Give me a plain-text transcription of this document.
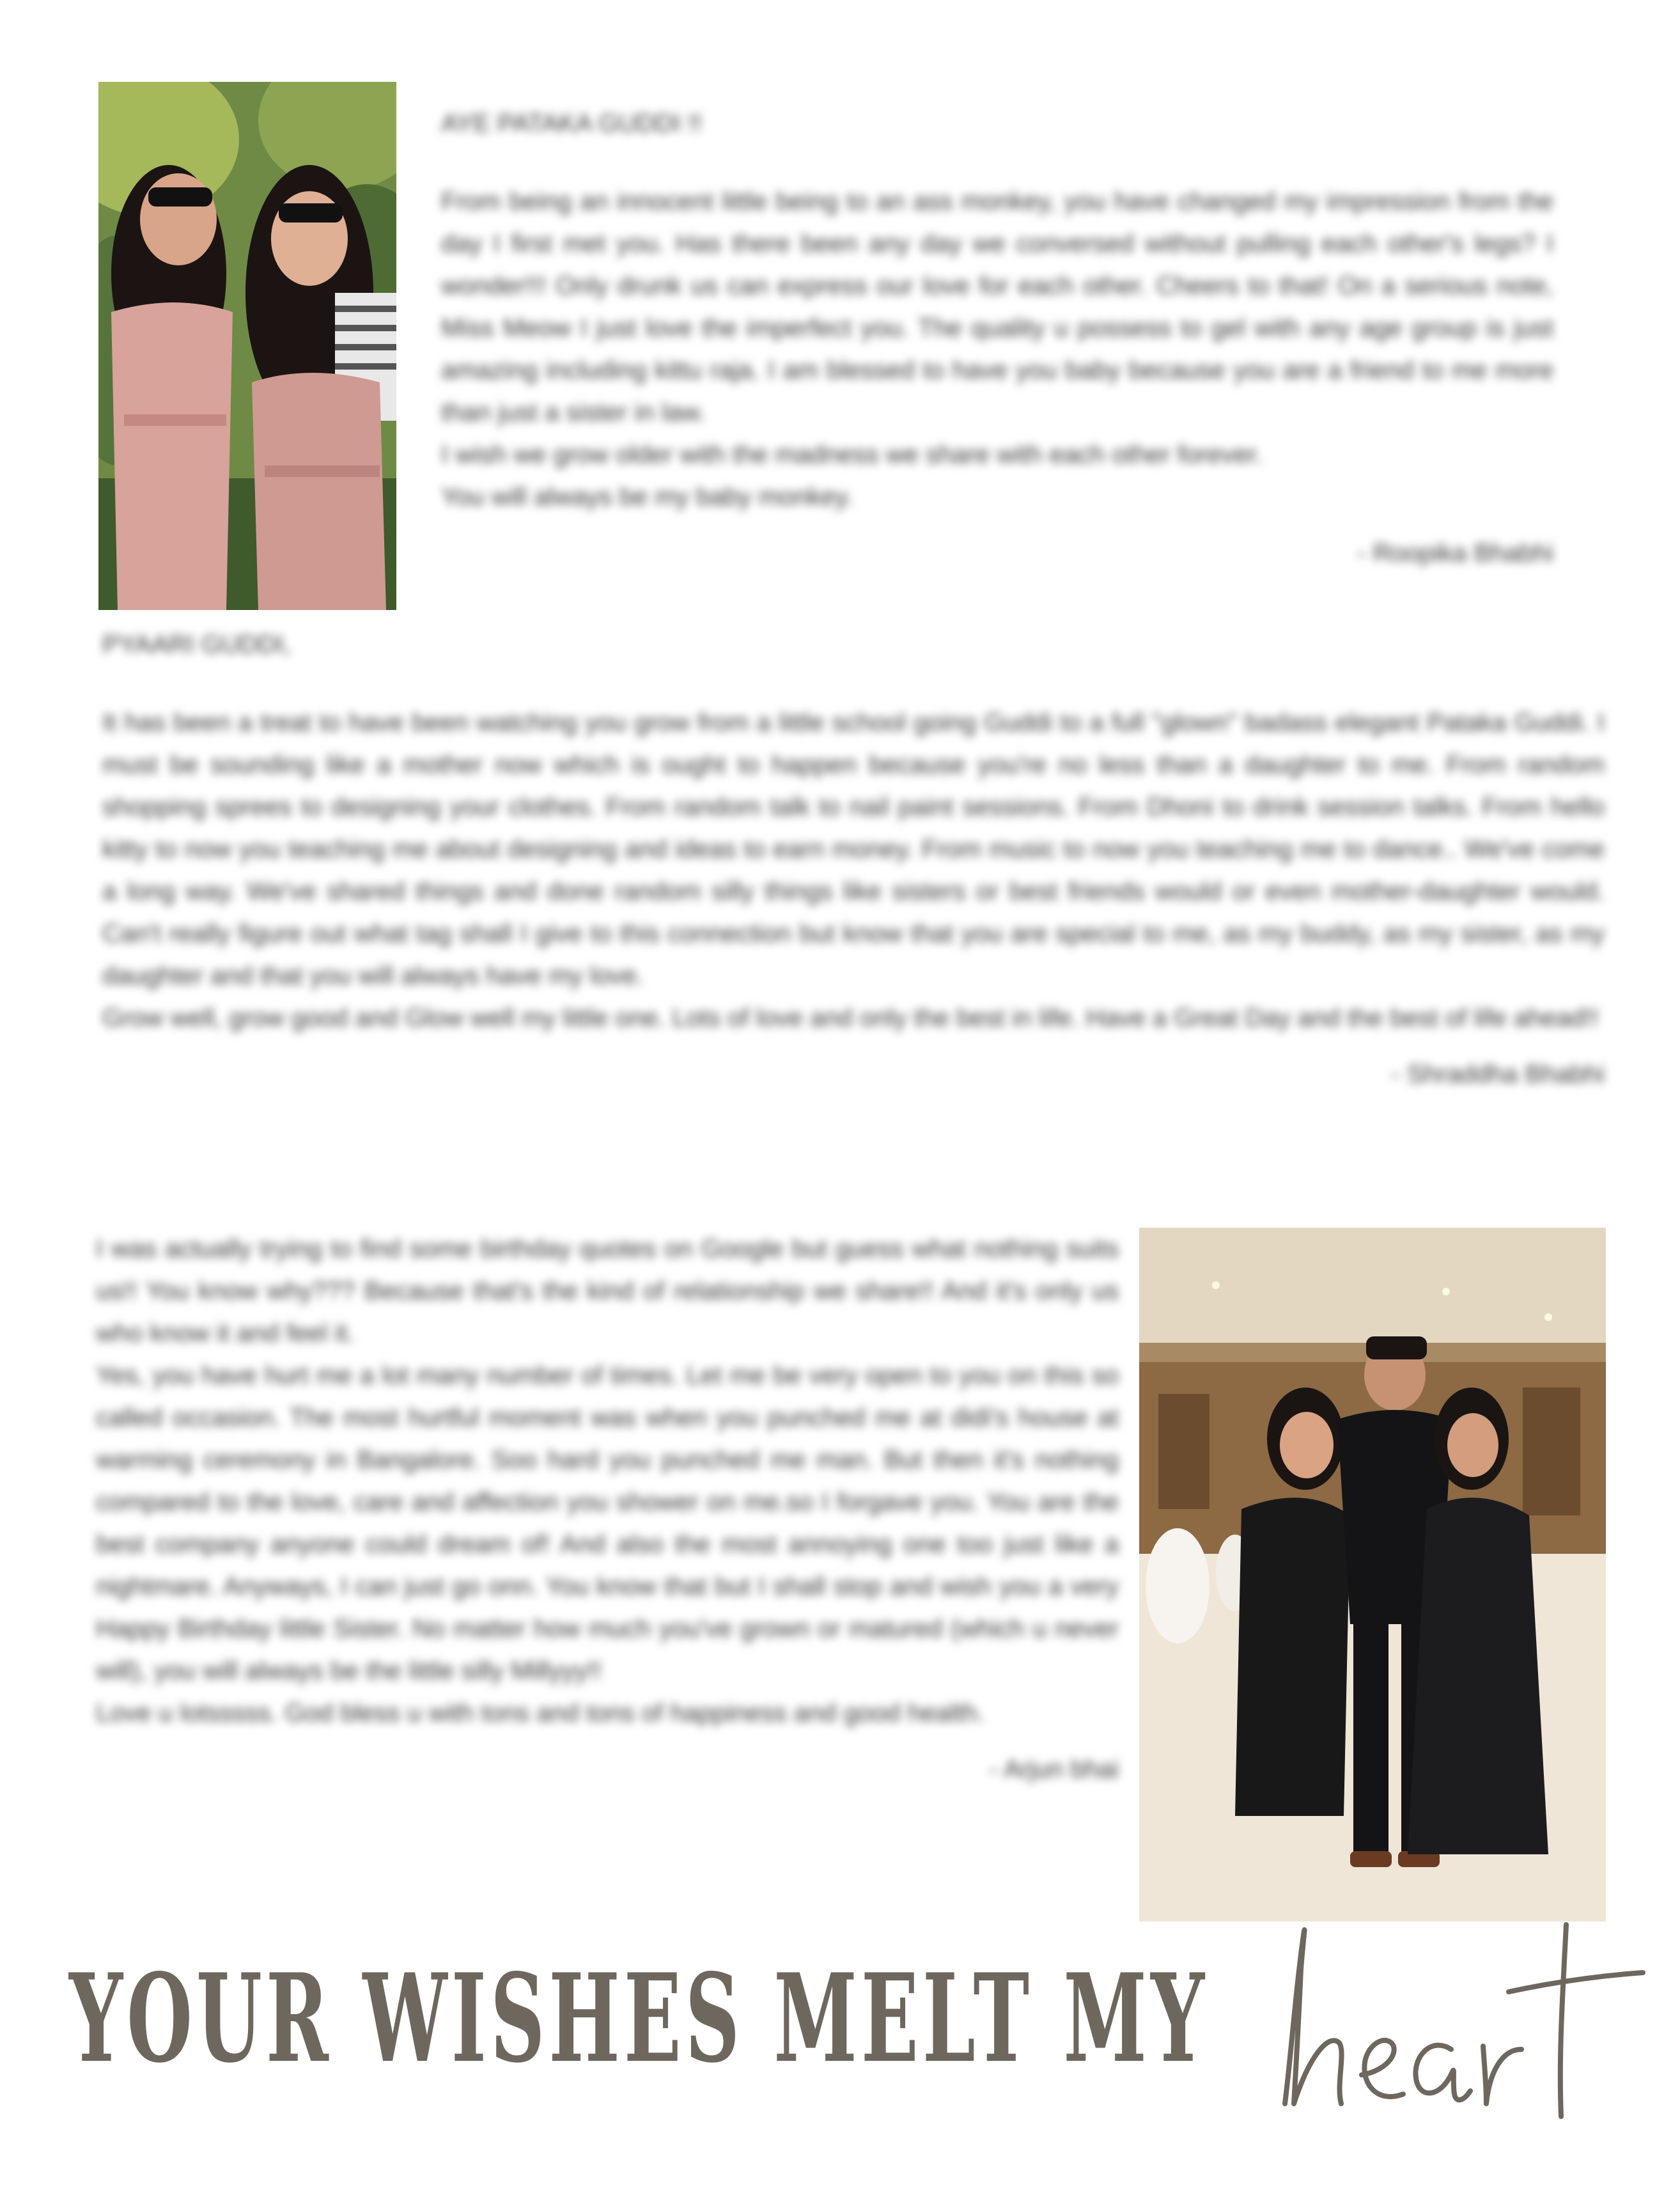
AYE PATAKA GUDDI !!

From being an innocent little being to an ass monkey, you have changed my impression from the day I first met you. Has there been any day we conversed without pulling each other's legs? I wonder!!! Only drunk us can express our love for each other. Cheers to that! On a serious note, Miss Meow I just love the imperfect you. The quality u possess to gel with any age group is just amazing including kittu raja. I am blessed to have you baby because you are a friend to me more than just a sister in law.

I wish we grow older with the madness we share with each other forever.

You will always be my baby monkey.

- Roopika Bhabhi

PYAARI GUDDI,

It has been a treat to have been watching you grow from a little school going Guddi to a full "glown" badass elegant Pataka Guddi. I must be sounding like a mother now which is ought to happen because you're no less than a daughter to me. From random shopping sprees to designing your clothes. From random talk to nail paint sessions. From Dhoni to drink session talks. From hello kitty to now you teaching me about designing and ideas to earn money. From music to now you teaching me to dance.. We've come a long way. We've shared things and done random silly things like sisters or best friends would or even mother-daughter would. Can't really figure out what tag shall I give to this connection but know that you are special to me, as my buddy, as my sister, as my daughter and that you will always have my love.

Grow well, grow good and Glow well my little one. Lots of love and only the best in life. Have a Great Day and the best of life ahead!!

- Shraddha Bhabhi

I was actually trying to find some birthday quotes on Google but guess what nothing suits us!! You know why??? Because that's the kind of relationship we share!! And it's only us who know it and feel it.

Yes, you have hurt me a lot many number of times. Let me be very open to you on this so called occasion. The most hurtful moment was when you punched me at didi's house at warming ceremony in Bangalore. Soo hard you punched me man. But then it's nothing compared to the love, care and affection you shower on me.so I forgave you. You are the best company anyone could dream of! And also the most annoying one too just like a nightmare. Anyways, I can just go onn. You know that but I shall stop and wish you a very Happy Birthday little Sister. No matter how much you've grown or matured (which u never will), you will always be the little silly Millyyy!!

Love u lotsssss. God bless u with tons and tons of happiness and good health.

- Arjun bhai

YOUR WISHES MELT MY
